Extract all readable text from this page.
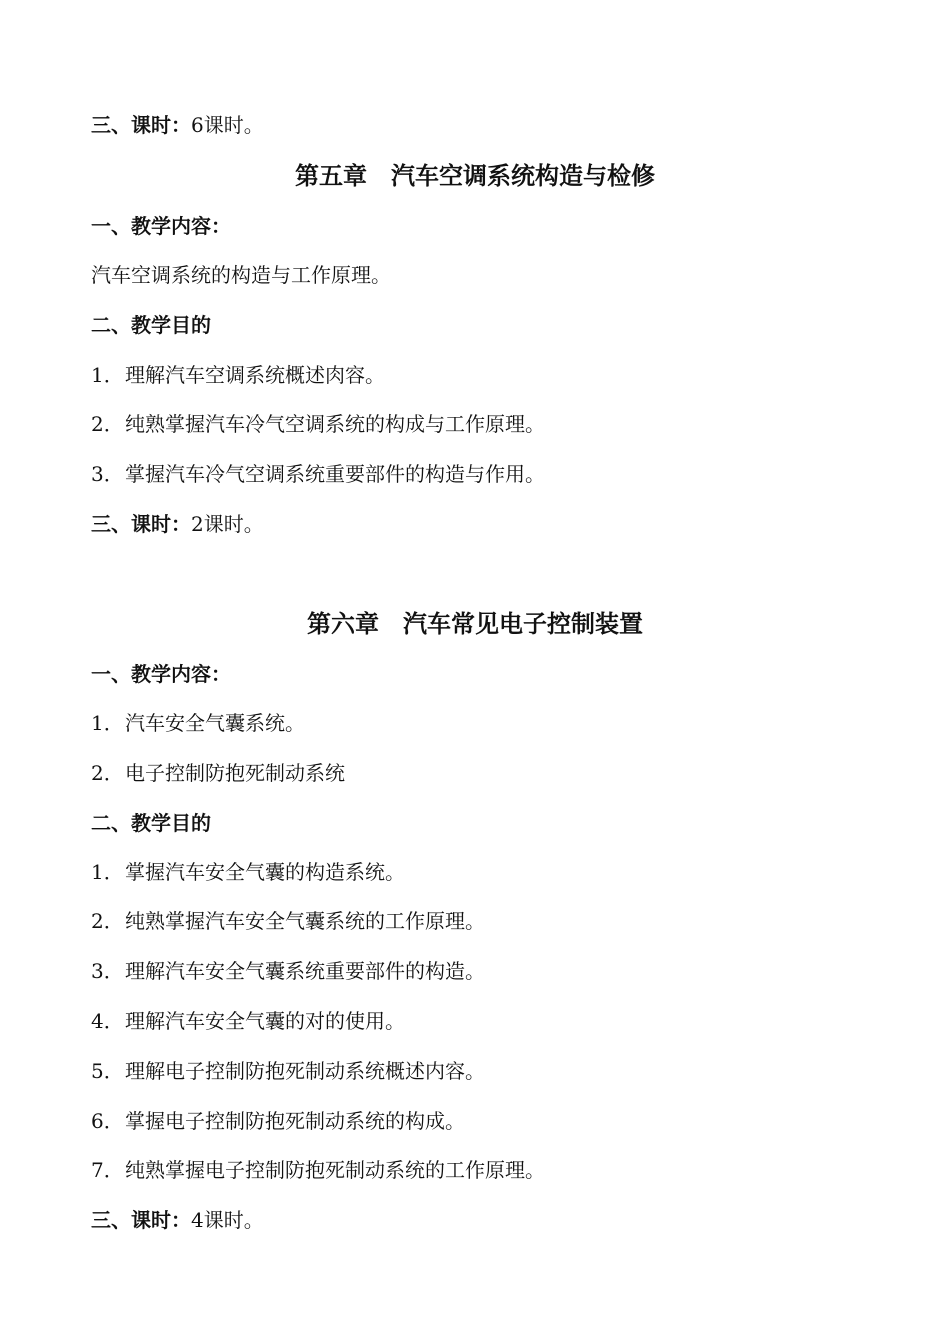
三、课时：6课时。
第五章 汽车空调系统构造与检修
一、教学内容：
汽车空调系统的构造与工作原理。
二、教学目的
1．理解汽车空调系统概述肉容。
2．纯熟掌握汽车冷气空调系统的构成与工作原理。
3．掌握汽车冷气空调系统重要部件的构造与作用。
三、课时：2课时。
第六章 汽车常见电子控制装置
一、教学内容：
1．汽车安全气囊系统。
2．电子控制防抱死制动系统
二、教学目的
1．掌握汽车安全气囊的构造系统。
2．纯熟掌握汽车安全气囊系统的工作原理。
3．理解汽车安全气囊系统重要部件的构造。
4．理解汽车安全气囊的对的使用。
5．理解电子控制防抱死制动系统概述内容。
6．掌握电子控制防抱死制动系统的构成。
7．纯熟掌握电子控制防抱死制动系统的工作原理。
三、课时：4课时。
